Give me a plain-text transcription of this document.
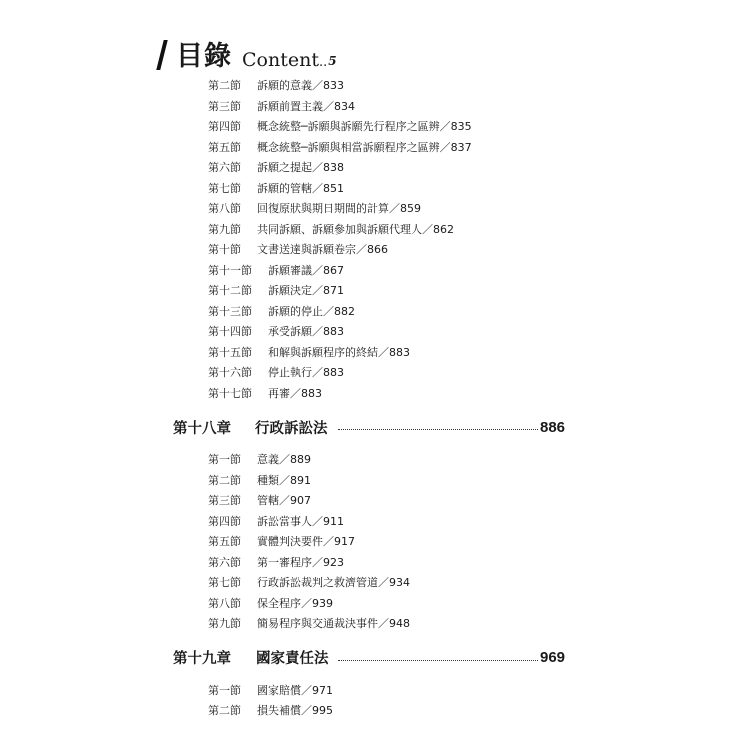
目錄 Content .. 5
第二節 訴願的意義／833
第三節 訴願前置主義／834
第四節 概念統整─訴願與訴願先行程序之區辨／835
第五節 概念統整─訴願與相當訴願程序之區辨／837
第六節 訴願之提起／838
第七節 訴願的管轄／851
第八節 回復原狀與期日期間的計算／859
第九節 共同訴願、訴願參加與訴願代理人／862
第十節 文書送達與訴願卷宗／866
第十一節 訴願審議／867
第十二節 訴願決定／871
第十三節 訴願的停止／882
第十四節 承受訴願／883
第十五節 和解與訴願程序的終結／883
第十六節 停止執行／883
第十七節 再審／883
第十八章 行政訴訟法	886
第一節 意義／889
第二節 種類／891
第三節 管轄／907
第四節 訴訟當事人／911
第五節 實體判決要件／917
第六節 第一審程序／923
第七節 行政訴訟裁判之救濟管道／934
第八節 保全程序／939
第九節 簡易程序與交通裁決事件／948
第十九章 國家責任法	969
第一節 國家賠償／971
第二節 損失補償／995
